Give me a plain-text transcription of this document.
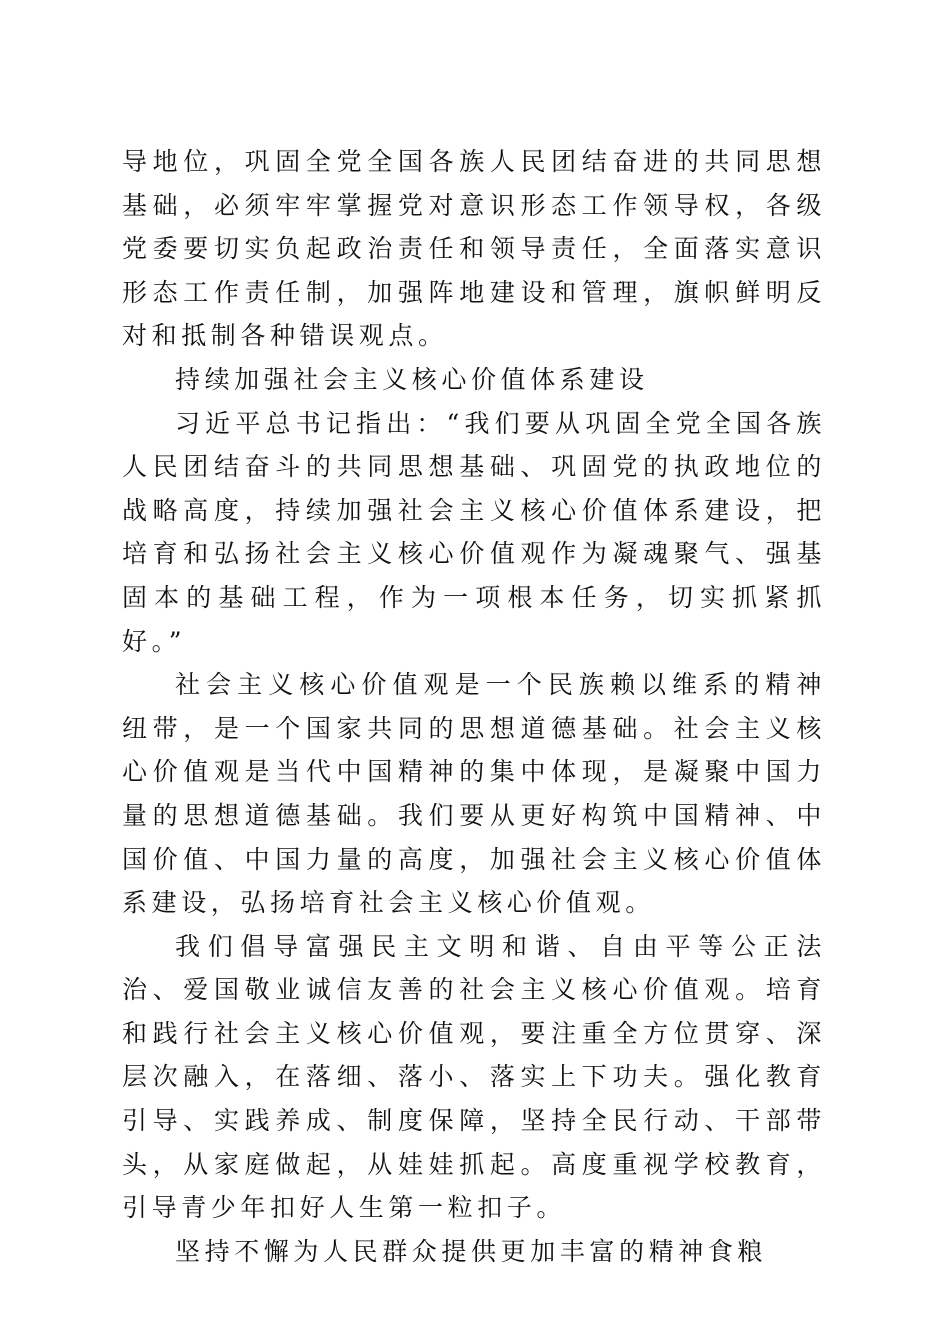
导地位，巩固全党全国各族人民团结奋进的共同思想基础，必须牢牢掌握党对意识形态工作领导权，各级党委要切实负起政治责任和领导责任，全面落实意识形态工作责任制，加强阵地建设和管理，旗帜鲜明反对和抵制各种错误观点。

持续加强社会主义核心价值体系建设

习近平总书记指出：“我们要从巩固全党全国各族人民团结奋斗的共同思想基础、巩固党的执政地位的战略高度，持续加强社会主义核心价值体系建设，把培育和弘扬社会主义核心价值观作为凝魂聚气、强基固本的基础工程，作为一项根本任务，切实抓紧抓好。”

社会主义核心价值观是一个民族赖以维系的精神纽带，是一个国家共同的思想道德基础。社会主义核心价值观是当代中国精神的集中体现，是凝聚中国力量的思想道德基础。我们要从更好构筑中国精神、中国价值、中国力量的高度，加强社会主义核心价值体系建设，弘扬培育社会主义核心价值观。

我们倡导富强民主文明和谐、自由平等公正法治、爱国敬业诚信友善的社会主义核心价值观。培育和践行社会主义核心价值观，要注重全方位贯穿、深层次融入，在落细、落小、落实上下功夫。强化教育引导、实践养成、制度保障，坚持全民行动、干部带头，从家庭做起，从娃娃抓起。高度重视学校教育，引导青少年扣好人生第一粒扣子。

坚持不懈为人民群众提供更加丰富的精神食粮
